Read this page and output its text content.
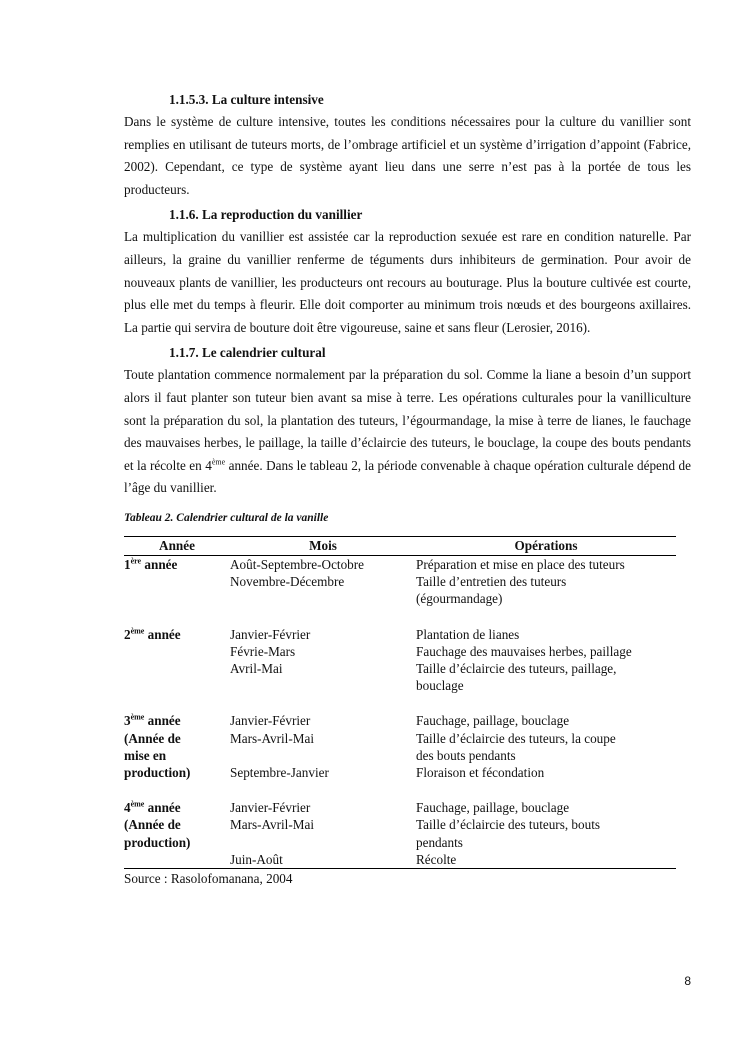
1.1.5.3. La culture intensive

Dans le système de culture intensive, toutes les conditions nécessaires pour la culture du vanillier sont remplies en utilisant de tuteurs morts, de l’ombrage artificiel et un système d’irrigation d’appoint (Fabrice, 2002). Cependant, ce type de système ayant lieu dans une serre n’est pas à la portée de tous les producteurs.

1.1.6. La reproduction du vanillier

La multiplication du vanillier est assistée car la reproduction sexuée est rare en condition naturelle. Par ailleurs, la graine du vanillier renferme de téguments durs inhibiteurs de germination. Pour avoir de nouveaux plants de vanillier, les producteurs ont recours au bouturage. Plus la bouture cultivée est courte, plus elle met du temps à fleurir. Elle doit comporter au minimum trois nœuds et des bourgeons axillaires. La partie qui servira de bouture doit être vigoureuse, saine et sans fleur (Lerosier, 2016).

1.1.7. Le calendrier cultural

Toute plantation commence normalement par la préparation du sol. Comme la liane a besoin d’un support alors il faut planter son tuteur bien avant sa mise à terre. Les opérations culturales pour la vanilliculture sont la préparation du sol, la plantation des tuteurs, l’égourmandage, la mise à terre de lianes, le fauchage des mauvaises herbes, le paillage, la taille d’éclaircie des tuteurs, le bouclage, la coupe des bouts pendants et la récolte en 4ème année. Dans le tableau 2, la période convenable à chaque opération culturale dépend de l’âge du vanillier.

Tableau 2. Calendrier cultural de la vanille

Année	Mois	Opérations
1ère année	Août-Septembre-Octobre	Préparation et mise en place des tuteurs
	Novembre-Décembre	Taille d’entretien des tuteurs
		(égourmandage)

2ème année	Janvier-Février	Plantation de lianes
	Févrie-Mars	Fauchage des mauvaises herbes, paillage
	Avril-Mai	Taille d’éclaircie des tuteurs, paillage,
		bouclage

3ème année	Janvier-Février	Fauchage, paillage, bouclage
(Année de	Mars-Avril-Mai	Taille d’éclaircie des tuteurs, la coupe
mise en		des bouts pendants
production)	Septembre-Janvier	Floraison et fécondation

4ème année	Janvier-Février	Fauchage, paillage, bouclage
(Année de	Mars-Avril-Mai	Taille d’éclaircie des tuteurs, bouts
production)		pendants
	Juin-Août	Récolte
Source : Rasolofomanana, 2004
8
